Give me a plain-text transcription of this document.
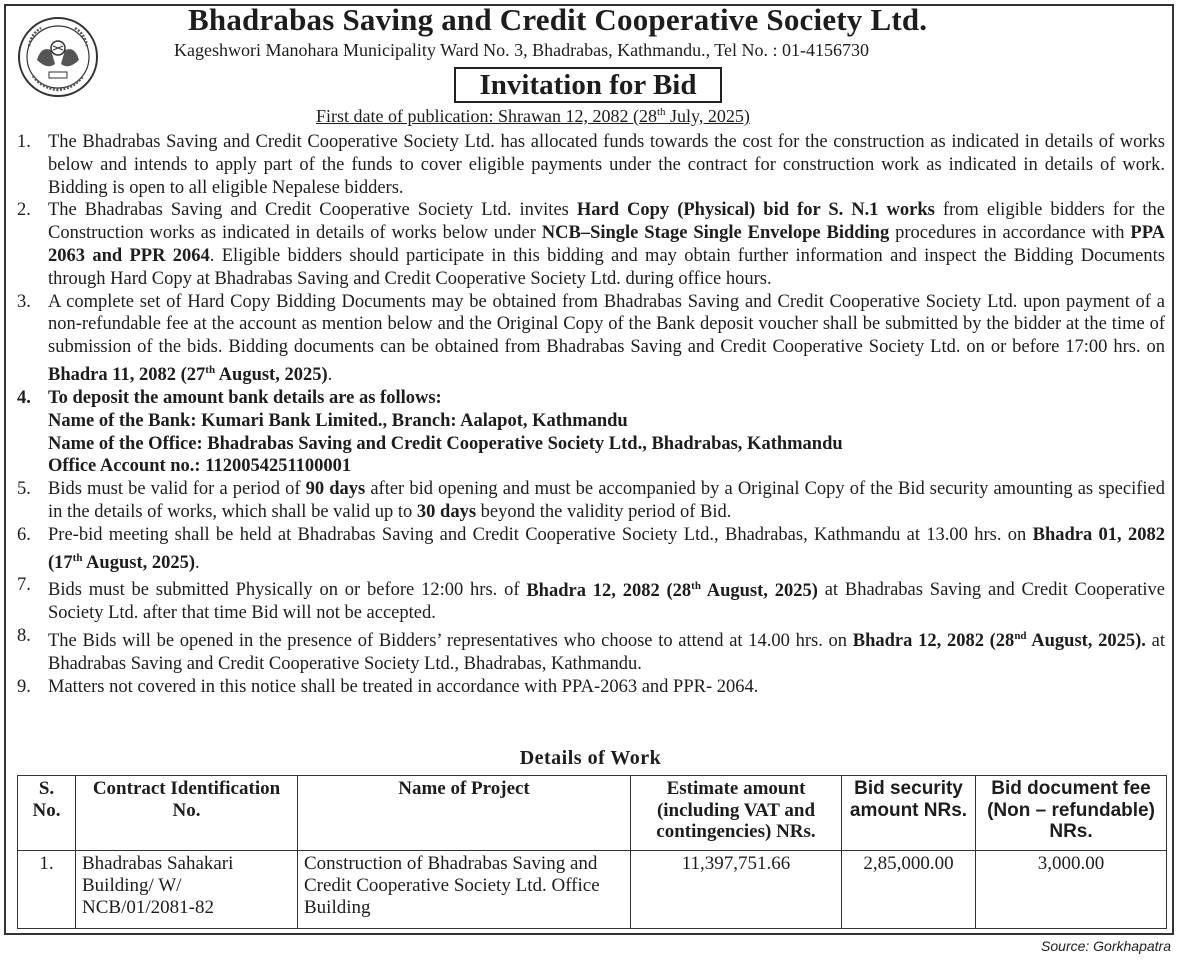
Bhadrabas Saving and Credit Cooperative Society Ltd.
Kageshwori Manohara Municipality Ward No. 3, Bhadrabas, Kathmandu., Tel No. : 01-4156730
Invitation for Bid
First date of publication: Shrawan 12, 2082 (28th July, 2025)
1. The Bhadrabas Saving and Credit Cooperative Society Ltd. has allocated funds towards the cost for the construction as indicated in details of works below and intends to apply part of the funds to cover eligible payments under the contract for construction work as indicated in details of work. Bidding is open to all eligible Nepalese bidders.
2. The Bhadrabas Saving and Credit Cooperative Society Ltd. invites Hard Copy (Physical) bid for S. N.1 works from eligible bidders for the Construction works as indicated in details of works below under NCB–Single Stage Single Envelope Bidding procedures in accordance with PPA 2063 and PPR 2064. Eligible bidders should participate in this bidding and may obtain further information and inspect the Bidding Documents through Hard Copy at Bhadrabas Saving and Credit Cooperative Society Ltd. during office hours.
3. A complete set of Hard Copy Bidding Documents may be obtained from Bhadrabas Saving and Credit Cooperative Society Ltd. upon payment of a non-refundable fee at the account as mention below and the Original Copy of the Bank deposit voucher shall be submitted by the bidder at the time of submission of the bids. Bidding documents can be obtained from Bhadrabas Saving and Credit Cooperative Society Ltd. on or before 17:00 hrs. on Bhadra 11, 2082 (27th August, 2025).
4. To deposit the amount bank details are as follows:
Name of the Bank: Kumari Bank Limited., Branch: Aalapot, Kathmandu
Name of the Office: Bhadrabas Saving and Credit Cooperative Society Ltd., Bhadrabas, Kathmandu
Office Account no.: 1120054251100001
5. Bids must be valid for a period of 90 days after bid opening and must be accompanied by a Original Copy of the Bid security amounting as specified in the details of works, which shall be valid up to 30 days beyond the validity period of Bid.
6. Pre-bid meeting shall be held at Bhadrabas Saving and Credit Cooperative Society Ltd., Bhadrabas, Kathmandu at 13.00 hrs. on Bhadra 01, 2082 (17th August, 2025).
7. Bids must be submitted Physically on or before 12:00 hrs. of Bhadra 12, 2082 (28th August, 2025) at Bhadrabas Saving and Credit Cooperative Society Ltd. after that time Bid will not be accepted.
8. The Bids will be opened in the presence of Bidders’ representatives who choose to attend at 14.00 hrs. on Bhadra 12, 2082 (28nd August, 2025). at Bhadrabas Saving and Credit Cooperative Society Ltd., Bhadrabas, Kathmandu.
9. Matters not covered in this notice shall be treated in accordance with PPA-2063 and PPR- 2064.
Details of Work
S. No.	Contract Identification No.	Name of Project	Estimate amount (including VAT and contingencies) NRs.	Bid security amount NRs.	Bid document fee (Non – refundable) NRs.
1.	Bhadrabas Sahakari Building/ W/ NCB/01/2081-82	Construction of Bhadrabas Saving and Credit Cooperative Society Ltd. Office Building	11,397,751.66	2,85,000.00	3,000.00
Source: Gorkhapatra
